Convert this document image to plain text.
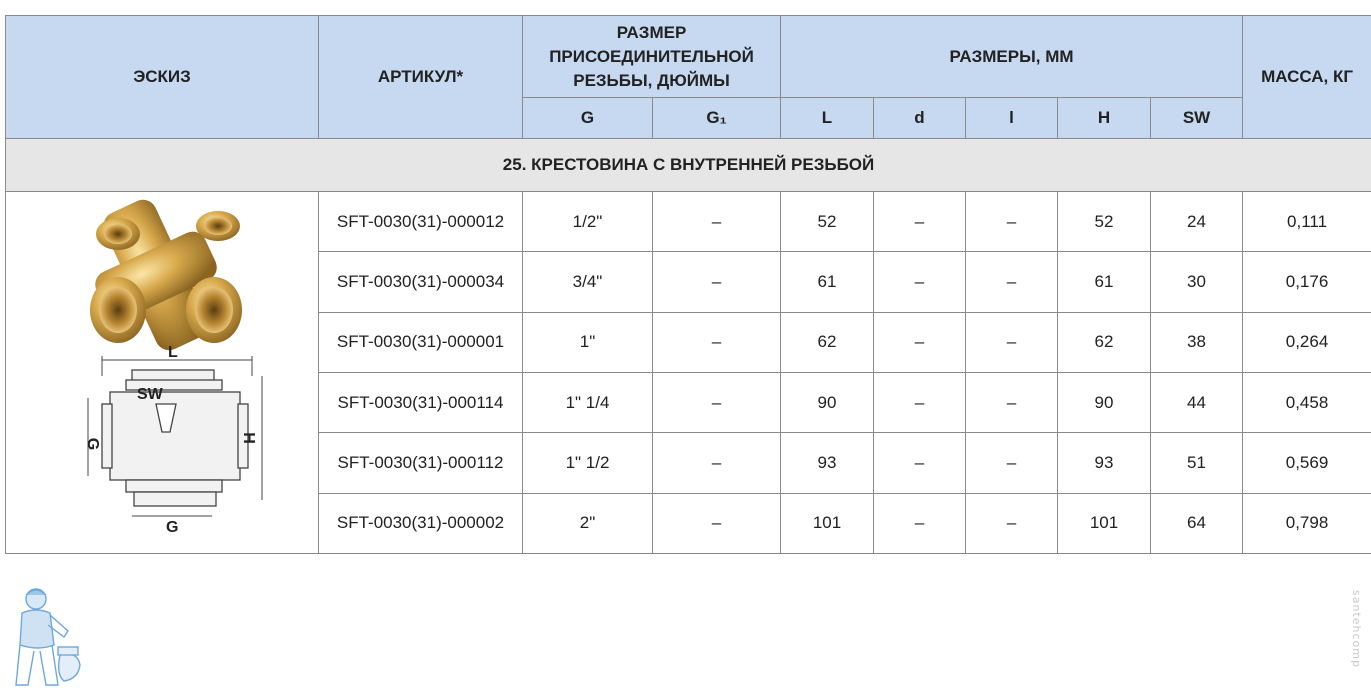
ЭСКИЗ	АРТИКУЛ*	РАЗМЕР ПРИСОЕДИНИТЕЛЬНОЙ РЕЗЬБЫ, ДЮЙМЫ		РАЗМЕРЫ, ММ					МАССА, КГ
		G	G₁	L	d	l	H	SW	
25. КРЕСТОВИНА С ВНУТРЕННЕЙ РЕЗЬБОЙ									

L
SW
G H
G	SFT-0030(31)-000012	1/2"	–	52	–	–	52	24	0,111
	SFT-0030(31)-000034	3/4"	–	61	–	–	61	30	0,176
	SFT-0030(31)-000001	1"	–	62	–	–	62	38	0,264
	SFT-0030(31)-000114	1" 1/4	–	90	–	–	90	44	0,458
	SFT-0030(31)-000112	1" 1/2	–	93	–	–	93	51	0,569
	SFT-0030(31)-000002	2"	–	101	–	–	101	64	0,798
santehcomp
